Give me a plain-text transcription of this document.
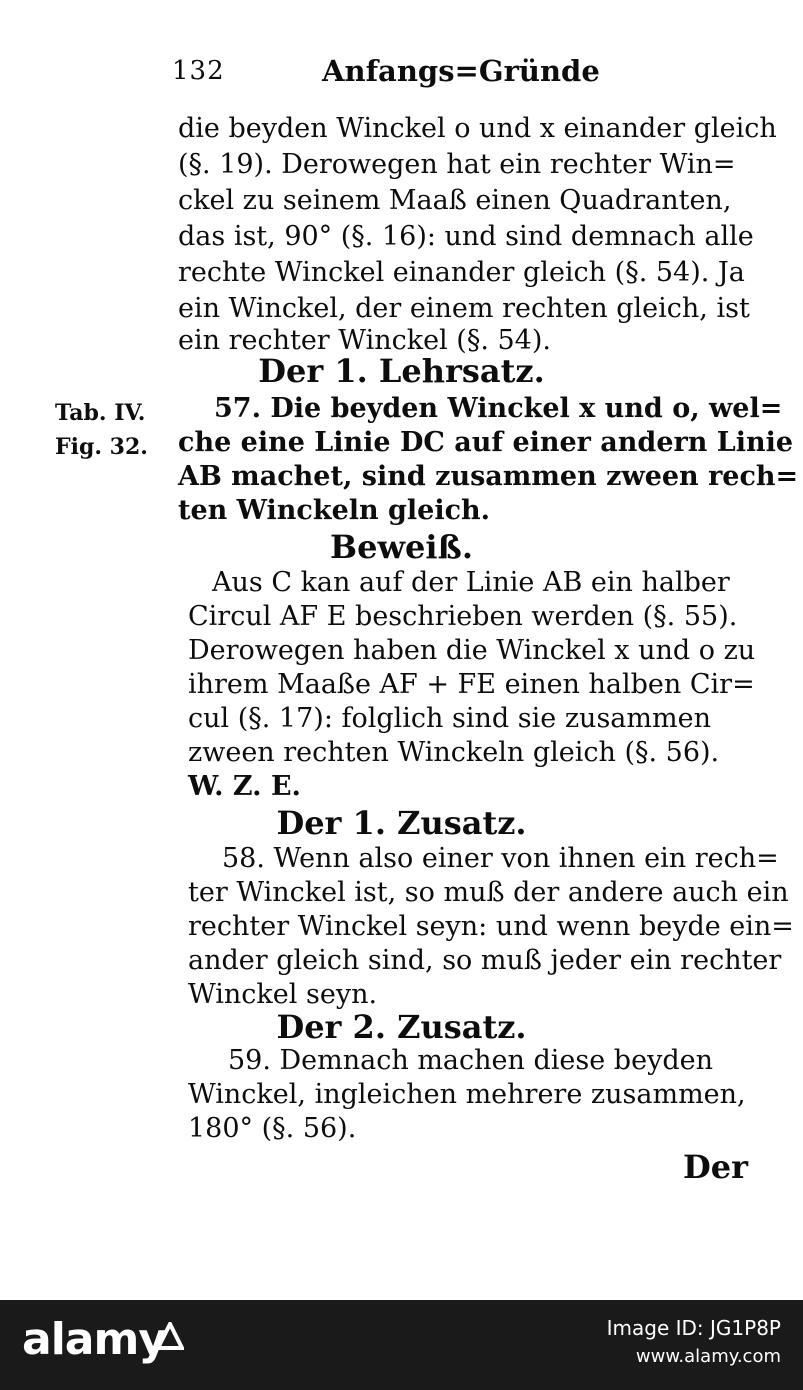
132	Anfangs=Gründe
die beyden Winckel o und x einander gleich
(§. 19). Derowegen hat ein rechter Win=
ckel zu seinem Maaß einen Quadranten,
das ist, 90° (§. 16): und sind demnach alle
rechte Winckel einander gleich (§. 54). Ja
ein Winckel, der einem rechten gleich, ist
ein rechter Winckel (§. 54).
Der 1. Lehrsatz.
Tab. IV.
Fig. 32.
57. Die beyden Winckel x und o, wel=
che eine Linie DC auf einer andern Linie
AB machet, sind zusammen zween rech=
ten Winckeln gleich.
Beweiß.
Aus C kan auf der Linie AB ein halber
Circul AF E beschrieben werden (§. 55).
Derowegen haben die Winckel x und o zu
ihrem Maaße AF + FE einen halben Cir=
cul (§. 17): folglich sind sie zusammen
zween rechten Winckeln gleich (§. 56).
W. Z. E.
Der 1. Zusatz.
58. Wenn also einer von ihnen ein rech=
ter Winckel ist, so muß der andere auch ein
rechter Winckel seyn: und wenn beyde ein=
ander gleich sind, so muß jeder ein rechter
Winckel seyn.
Der 2. Zusatz.
59. Demnach machen diese beyden
Winckel, ingleichen mehrere zusammen,
180° (§. 56).
Der
alamy	Image ID: JG1P8P
www.alamy.com
